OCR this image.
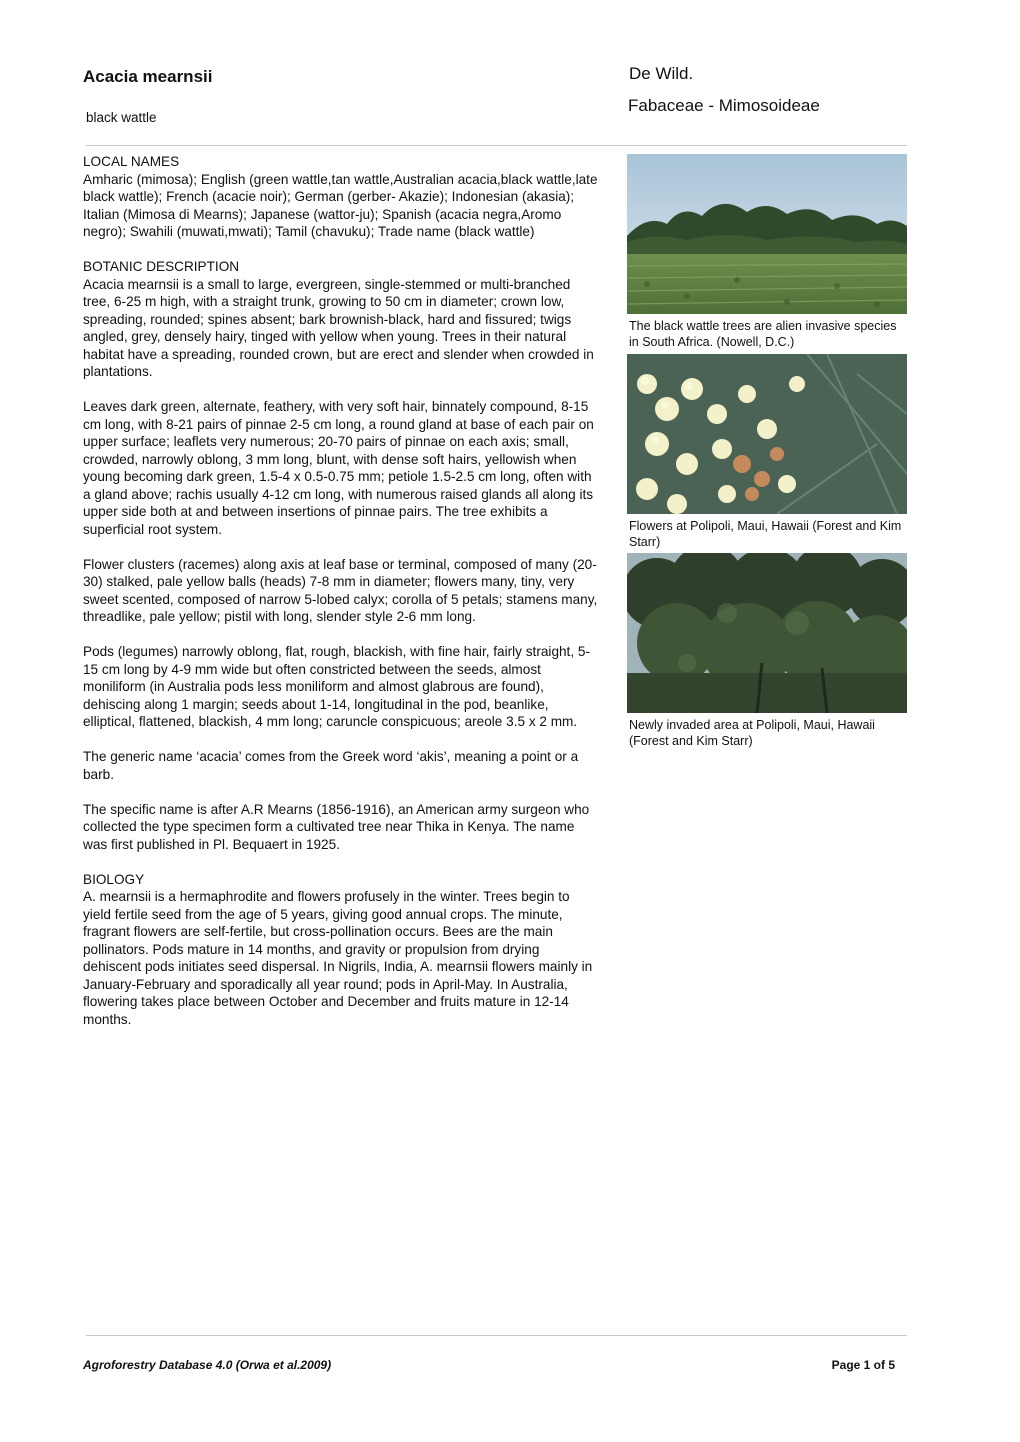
Acacia mearnsii
black wattle
De Wild.
Fabaceae - Mimosoideae

LOCAL NAMES
Amharic (mimosa); English (green wattle,tan wattle,Australian acacia,black wattle,late black wattle); French (acacie noir); German (gerber- Akazie); Indonesian (akasia); Italian (Mimosa di Mearns); Japanese (wattor-ju); Spanish (acacia negra,Aromo negro); Swahili (muwati,mwati); Tamil (chavuku); Trade name (black wattle)

BOTANIC DESCRIPTION
Acacia mearnsii is a small to large, evergreen, single-stemmed or multi-branched tree, 6-25 m high, with a straight trunk, growing to 50 cm in diameter; crown low, spreading, rounded; spines absent; bark brownish-black, hard and fissured; twigs angled, grey, densely hairy, tinged with yellow when young. Trees in their natural habitat have a spreading, rounded crown, but are erect and slender when crowded in plantations.

Leaves dark green, alternate, feathery, with very soft hair, binnately compound, 8-15 cm long, with 8-21 pairs of pinnae 2-5 cm long, a round gland at base of each pair on upper surface; leaflets very numerous; 20-70 pairs of pinnae on each axis; small, crowded, narrowly oblong, 3 mm long, blunt, with dense soft hairs, yellowish when young becoming dark green, 1.5-4 x 0.5-0.75 mm; petiole 1.5-2.5 cm long, often with a gland above; rachis usually 4-12 cm long, with numerous raised glands all along its upper side both at and between insertions of pinnae pairs. The tree exhibits a superficial root system.

Flower clusters (racemes) along axis at leaf base or terminal, composed of many (20-30) stalked, pale yellow balls (heads) 7-8 mm in diameter; flowers many, tiny, very sweet scented, composed of narrow 5-lobed calyx; corolla of 5 petals; stamens many, threadlike, pale yellow; pistil with long, slender style 2-6 mm long.

Pods (legumes) narrowly oblong, flat, rough, blackish, with fine hair, fairly straight, 5-15 cm long by 4-9 mm wide but often constricted between the seeds, almost moniliform (in Australia pods less moniliform and almost glabrous are found), dehiscing along 1 margin; seeds about 1-14, longitudinal in the pod, beanlike, elliptical, flattened, blackish, 4 mm long; caruncle conspicuous; areole 3.5 x 2 mm.

The generic name ‘acacia’ comes from the Greek word ‘akis’, meaning a point or a barb.

The specific name is after A.R Mearns (1856-1916), an American army surgeon who collected the type specimen form a cultivated tree near Thika in Kenya. The name was first published in Pl. Bequaert in 1925.

BIOLOGY
A. mearnsii is a hermaphrodite and flowers profusely in the winter. Trees begin to yield fertile seed from the age of 5 years, giving good annual crops. The minute, fragrant flowers are self-fertile, but cross-pollination occurs. Bees are the main pollinators. Pods mature in 14 months, and gravity or propulsion from drying dehiscent pods initiates seed dispersal. In Nigrils, India, A. mearnsii flowers mainly in January-February and sporadically all year round; pods in April-May. In Australia, flowering takes place between October and December and fruits mature in 12-14 months.

The black wattle trees are alien invasive species in South Africa. (Nowell, D.C.)
Flowers at Polipoli, Maui, Hawaii (Forest and Kim Starr)
Newly invaded area at Polipoli, Maui, Hawaii (Forest and Kim Starr)
Agroforestry Database 4.0 (Orwa et al.2009)	Page 1 of 5
